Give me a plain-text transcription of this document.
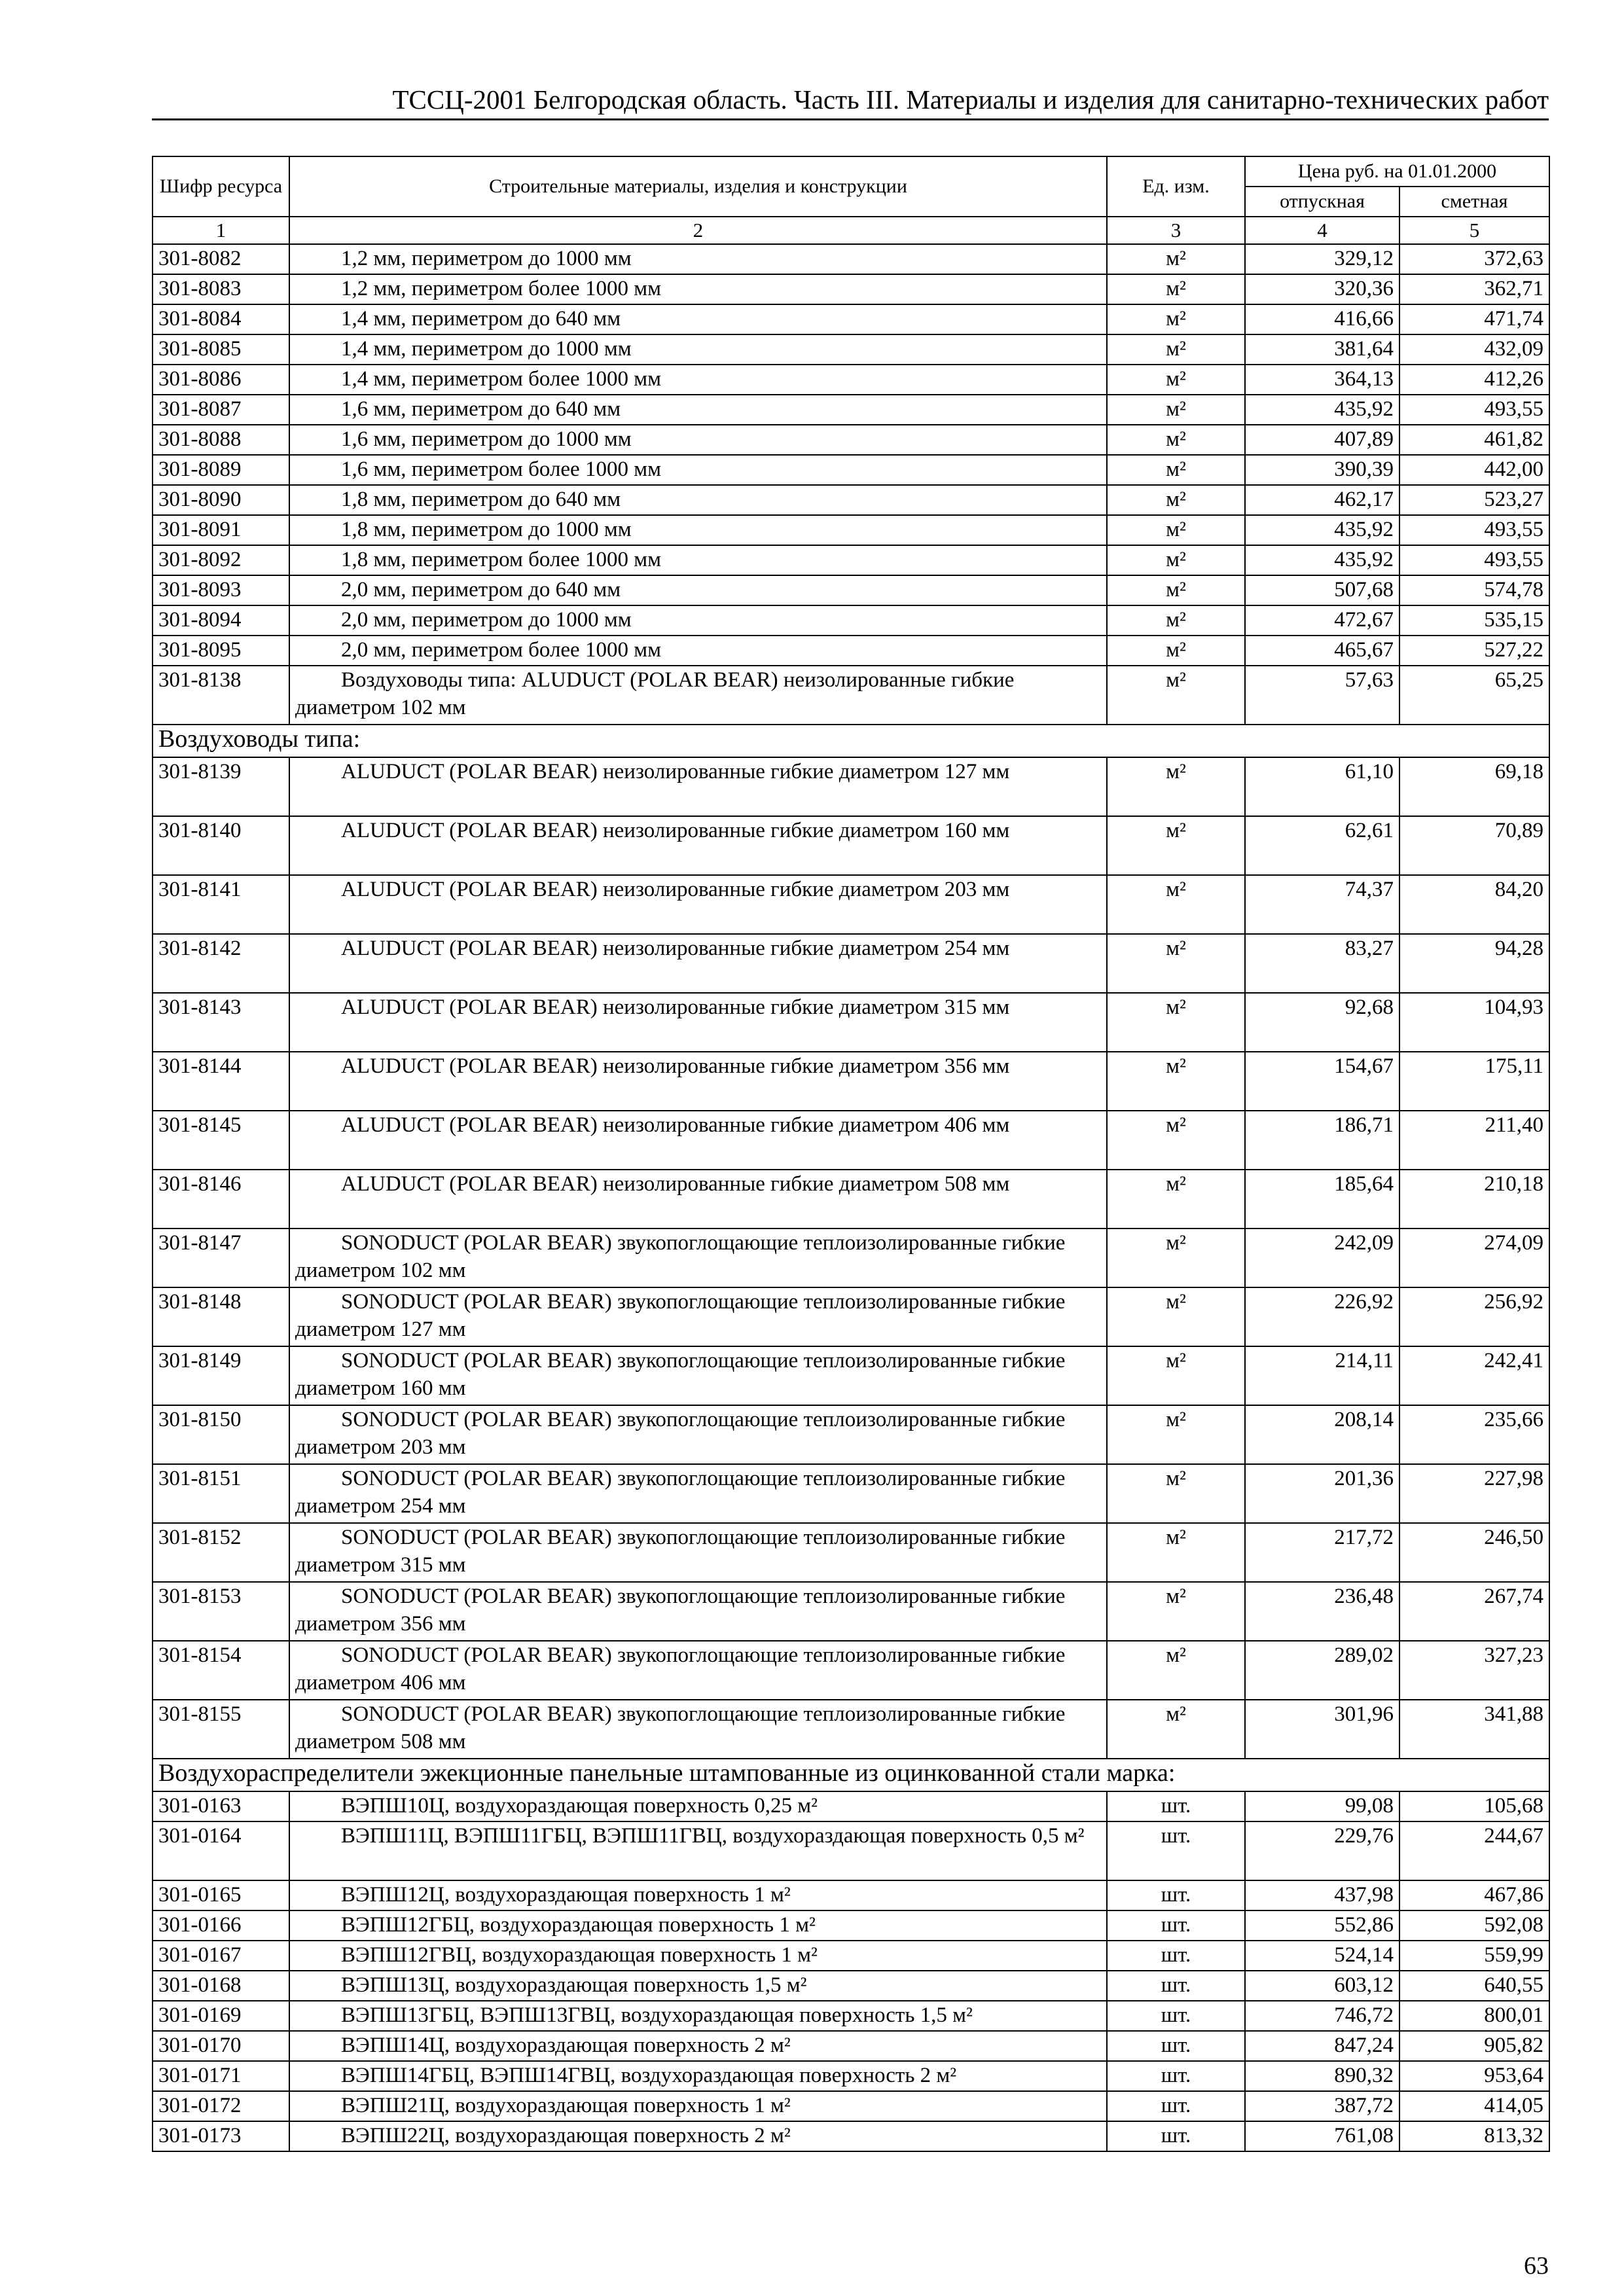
ТССЦ-2001 Белгородская область. Часть III. Материалы и изделия для санитарно-технических работ
Шифр ресурса	Строительные материалы, изделия и конструкции	Ед. изм.	Цена руб. на 01.01.2000	
			отпускная	сметная
1	2	3	4	5
301-8082	1,2 мм, периметром до 1000 мм	м²	329,12	372,63
301-8083	1,2 мм, периметром более 1000 мм	м²	320,36	362,71
301-8084	1,4 мм, периметром до 640 мм	м²	416,66	471,74
301-8085	1,4 мм, периметром до 1000 мм	м²	381,64	432,09
301-8086	1,4 мм, периметром более 1000 мм	м²	364,13	412,26
301-8087	1,6 мм, периметром до 640 мм	м²	435,92	493,55
301-8088	1,6 мм, периметром до 1000 мм	м²	407,89	461,82
301-8089	1,6 мм, периметром более 1000 мм	м²	390,39	442,00
301-8090	1,8 мм, периметром до 640 мм	м²	462,17	523,27
301-8091	1,8 мм, периметром до 1000 мм	м²	435,92	493,55
301-8092	1,8 мм, периметром более 1000 мм	м²	435,92	493,55
301-8093	2,0 мм, периметром до 640 мм	м²	507,68	574,78
301-8094	2,0 мм, периметром до 1000 мм	м²	472,67	535,15
301-8095	2,0 мм, периметром более 1000 мм	м²	465,67	527,22
301-8138	Воздуховоды типа: ALUDUCT (POLAR BEAR) неизолированные гибкие диаметром 102 мм	м²	57,63	65,25
Воздуховоды типа:				
301-8139	ALUDUCT (POLAR BEAR) неизолированные гибкие диаметром 127 мм	м²	61,10	69,18
301-8140	ALUDUCT (POLAR BEAR) неизолированные гибкие диаметром 160 мм	м²	62,61	70,89
301-8141	ALUDUCT (POLAR BEAR) неизолированные гибкие диаметром 203 мм	м²	74,37	84,20
301-8142	ALUDUCT (POLAR BEAR) неизолированные гибкие диаметром 254 мм	м²	83,27	94,28
301-8143	ALUDUCT (POLAR BEAR) неизолированные гибкие диаметром 315 мм	м²	92,68	104,93
301-8144	ALUDUCT (POLAR BEAR) неизолированные гибкие диаметром 356 мм	м²	154,67	175,11
301-8145	ALUDUCT (POLAR BEAR) неизолированные гибкие диаметром 406 мм	м²	186,71	211,40
301-8146	ALUDUCT (POLAR BEAR) неизолированные гибкие диаметром 508 мм	м²	185,64	210,18
301-8147	SONODUCT (POLAR BEAR) звукопоглощающие теплоизолированные гибкие диаметром 102 мм	м²	242,09	274,09
301-8148	SONODUCT (POLAR BEAR) звукопоглощающие теплоизолированные гибкие диаметром 127 мм	м²	226,92	256,92
301-8149	SONODUCT (POLAR BEAR) звукопоглощающие теплоизолированные гибкие диаметром 160 мм	м²	214,11	242,41
301-8150	SONODUCT (POLAR BEAR) звукопоглощающие теплоизолированные гибкие диаметром 203 мм	м²	208,14	235,66
301-8151	SONODUCT (POLAR BEAR) звукопоглощающие теплоизолированные гибкие диаметром 254 мм	м²	201,36	227,98
301-8152	SONODUCT (POLAR BEAR) звукопоглощающие теплоизолированные гибкие диаметром 315 мм	м²	217,72	246,50
301-8153	SONODUCT (POLAR BEAR) звукопоглощающие теплоизолированные гибкие диаметром 356 мм	м²	236,48	267,74
301-8154	SONODUCT (POLAR BEAR) звукопоглощающие теплоизолированные гибкие диаметром 406 мм	м²	289,02	327,23
301-8155	SONODUCT (POLAR BEAR) звукопоглощающие теплоизолированные гибкие диаметром 508 мм	м²	301,96	341,88
Воздухораспределители эжекционные панельные штампованные из оцинкованной стали марка:				
301-0163	ВЭПШ10Ц, воздухораздающая поверхность 0,25 м²	шт.	99,08	105,68
301-0164	ВЭПШ11Ц, ВЭПШ11ГБЦ, ВЭПШ11ГВЦ, воздухораздающая поверхность 0,5 м²	шт.	229,76	244,67
301-0165	ВЭПШ12Ц, воздухораздающая поверхность 1 м²	шт.	437,98	467,86
301-0166	ВЭПШ12ГБЦ, воздухораздающая поверхность 1 м²	шт.	552,86	592,08
301-0167	ВЭПШ12ГВЦ, воздухораздающая поверхность 1 м²	шт.	524,14	559,99
301-0168	ВЭПШ13Ц, воздухораздающая поверхность 1,5 м²	шт.	603,12	640,55
301-0169	ВЭПШ13ГБЦ, ВЭПШ13ГВЦ, воздухораздающая поверхность 1,5 м²	шт.	746,72	800,01
301-0170	ВЭПШ14Ц, воздухораздающая поверхность 2 м²	шт.	847,24	905,82
301-0171	ВЭПШ14ГБЦ, ВЭПШ14ГВЦ, воздухораздающая поверхность 2 м²	шт.	890,32	953,64
301-0172	ВЭПШ21Ц, воздухораздающая поверхность 1 м²	шт.	387,72	414,05
301-0173	ВЭПШ22Ц, воздухораздающая поверхность 2 м²	шт.	761,08	813,32
63
